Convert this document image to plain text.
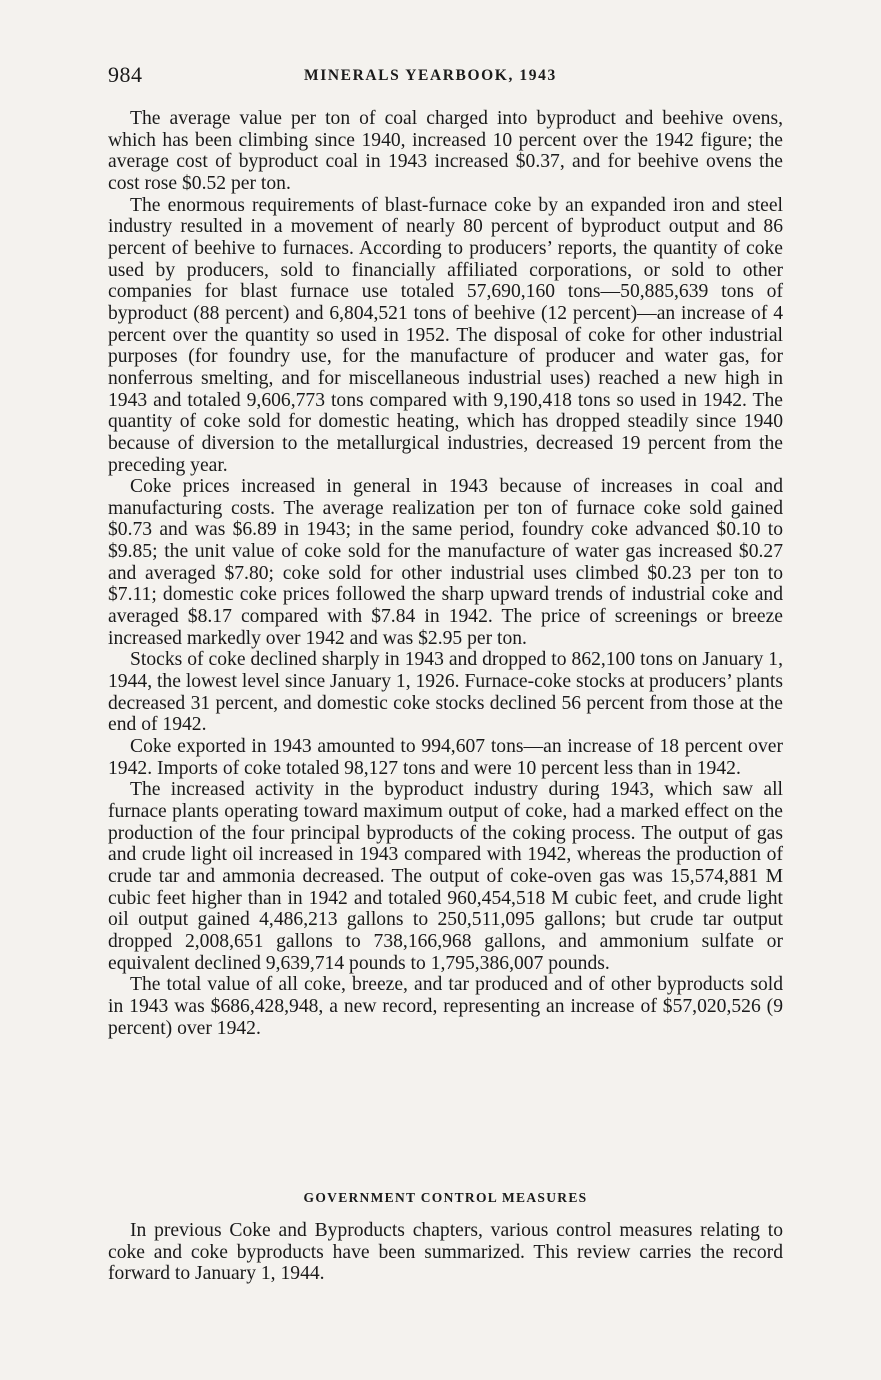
984	MINERALS YEARBOOK, 1943

The average value per ton of coal charged into byproduct and beehive ovens, which has been climbing since 1940, increased 10 percent over the 1942 figure; the average cost of byproduct coal in 1943 increased $0.37, and for beehive ovens the cost rose $0.52 per ton.

The enormous requirements of blast-furnace coke by an expanded iron and steel industry resulted in a movement of nearly 80 percent of byproduct output and 86 percent of beehive to furnaces. According to producers’ reports, the quantity of coke used by producers, sold to financially affiliated corporations, or sold to other companies for blast furnace use totaled 57,690,160 tons—50,885,639 tons of byproduct (88 percent) and 6,804,521 tons of beehive (12 percent)—an increase of 4 percent over the quantity so used in 1952. The disposal of coke for other industrial purposes (for foundry use, for the manufacture of producer and water gas, for nonferrous smelting, and for miscellaneous industrial uses) reached a new high in 1943 and totaled 9,606,773 tons compared with 9,190,418 tons so used in 1942. The quantity of coke sold for domestic heating, which has dropped steadily since 1940 because of diversion to the metallurgical industries, decreased 19 percent from the preceding year.

Coke prices increased in general in 1943 because of increases in coal and manufacturing costs. The average realization per ton of furnace coke sold gained $0.73 and was $6.89 in 1943; in the same period, foundry coke advanced $0.10 to $9.85; the unit value of coke sold for the manufacture of water gas increased $0.27 and averaged $7.80; coke sold for other industrial uses climbed $0.23 per ton to $7.11; domestic coke prices followed the sharp upward trends of industrial coke and averaged $8.17 compared with $7.84 in 1942. The price of screenings or breeze increased markedly over 1942 and was $2.95 per ton.

Stocks of coke declined sharply in 1943 and dropped to 862,100 tons on January 1, 1944, the lowest level since January 1, 1926. Furnace-coke stocks at producers’ plants decreased 31 percent, and domestic coke stocks declined 56 percent from those at the end of 1942.

Coke exported in 1943 amounted to 994,607 tons—an increase of 18 percent over 1942. Imports of coke totaled 98,127 tons and were 10 percent less than in 1942.

The increased activity in the byproduct industry during 1943, which saw all furnace plants operating toward maximum output of coke, had a marked effect on the production of the four principal byproducts of the coking process. The output of gas and crude light oil increased in 1943 compared with 1942, whereas the production of crude tar and ammonia decreased. The output of coke-oven gas was 15,574,881 M cubic feet higher than in 1942 and totaled 960,454,518 M cubic feet, and crude light oil output gained 4,486,213 gallons to 250,511,095 gallons; but crude tar output dropped 2,008,651 gallons to 738,166,968 gallons, and ammonium sulfate or equivalent declined 9,639,714 pounds to 1,795,386,007 pounds.

The total value of all coke, breeze, and tar produced and of other byproducts sold in 1943 was $686,428,948, a new record, representing an increase of $57,020,526 (9 percent) over 1942.

GOVERNMENT CONTROL MEASURES

In previous Coke and Byproducts chapters, various control measures relating to coke and coke byproducts have been summarized. This review carries the record forward to January 1, 1944.
